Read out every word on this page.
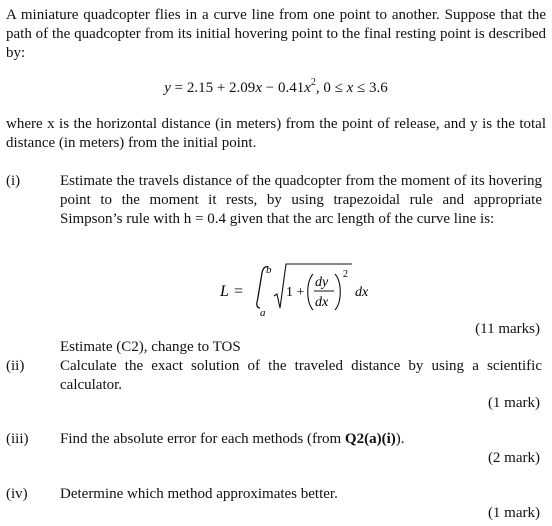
A miniature quadcopter flies in a curve line from one point to another. Suppose that the path of the quadcopter from its initial hovering point to the final resting point is described by:
$y = 2.15 + 2.09x - 0.41x^2$, 0 ≤ x ≤ 3.6
where x is the horizontal distance (in meters) from the point of release, and y is the total distance (in meters) from the initial point.
(i)	Estimate the travels distance of the quadcopter from the moment of its hovering point to the moment it rests, by using trapezoidal rule and appropriate Simpson’s rule with h = 0.4 given that the arc length of the curve line is:
L =
b
a
1 +
dy
dx
2
dx
(11 marks)
Estimate (C2), change to TOS
(ii)	Calculate the exact solution of the traveled distance by using a scientific calculator.
(1 mark)
(iii)	Find the absolute error for each methods (from Q2(a)(i)).
(2 mark)
(iv)	Determine which method approximates better.
(1 mark)
